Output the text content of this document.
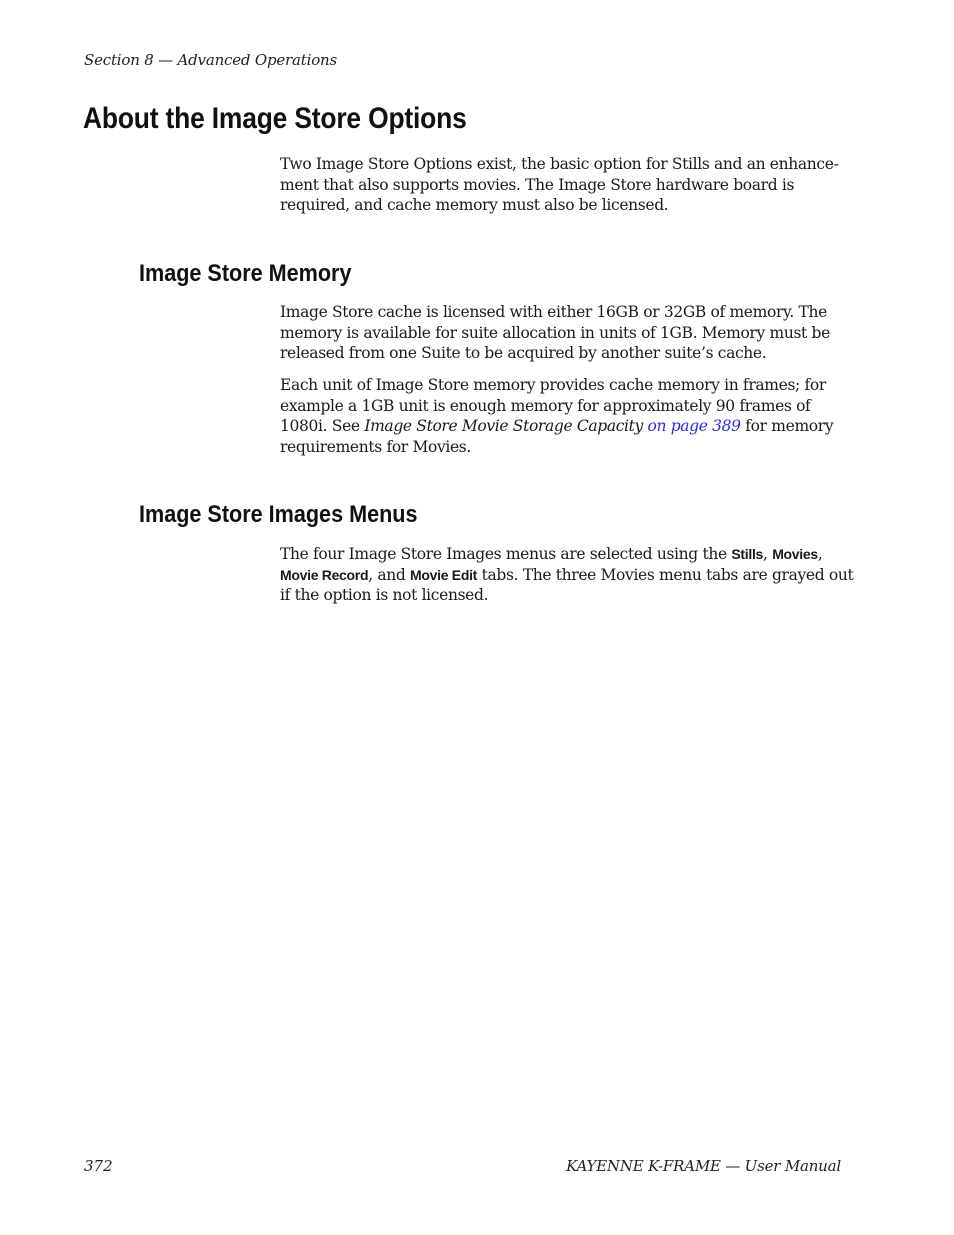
Section 8 — Advanced Operations
About the Image Store Options
Two Image Store Options exist, the basic option for Stills and an enhance-
ment that also supports movies. The Image Store hardware board is
required, and cache memory must also be licensed.
Image Store Memory
Image Store cache is licensed with either 16GB or 32GB of memory. The
memory is available for suite allocation in units of 1GB. Memory must be
released from one Suite to be acquired by another suite’s cache.
Each unit of Image Store memory provides cache memory in frames; for
example a 1GB unit is enough memory for approximately 90 frames of
1080i. See Image Store Movie Storage Capacity on page 389 for memory
requirements for Movies.
Image Store Images Menus
The four Image Store Images menus are selected using the Stills, Movies,
Movie Record, and Movie Edit tabs. The three Movies menu tabs are grayed out
if the option is not licensed.
372	KAYENNE K-FRAME — User Manual
